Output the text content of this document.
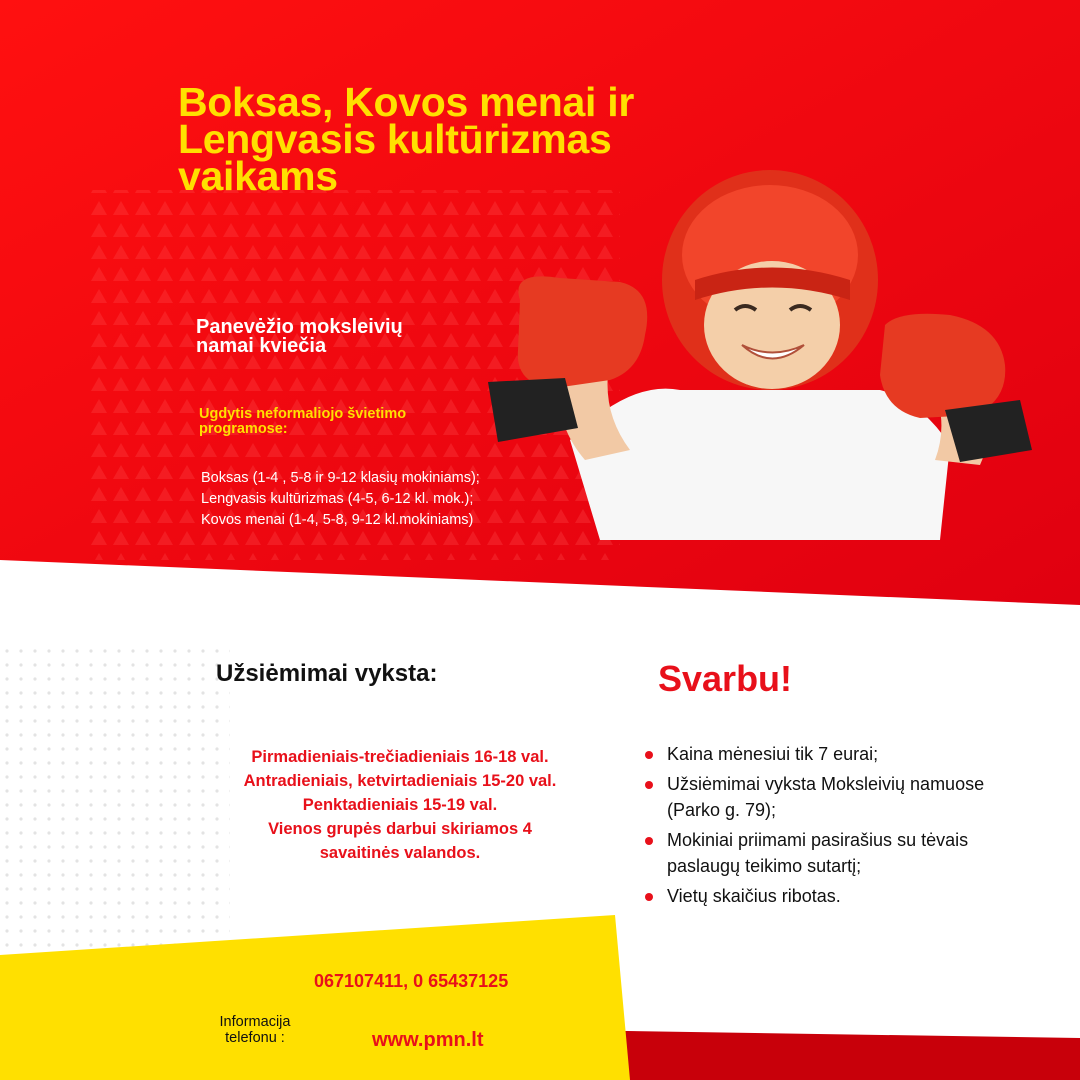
Boksas, Kovos menai ir
Lengvasis kultūrizmas
vaikams

Panevėžio moksleivių
namai kviečia

Ugdytis neformaliojo švietimo
programose:

Boksas (1-4 , 5-8 ir 9-12 klasių mokiniams);
Lengvasis kultūrizmas (4-5, 6-12 kl. mok.);
Kovos menai (1-4, 5-8, 9-12 kl.mokiniams)
Užsiėmimai vyksta:

Pirmadieniais-trečiadieniais 16-18 val.
Antradieniais, ketvirtadieniais 15-20 val.
Penktadieniais 15-19 val.
Vienos grupės darbui skiriamos 4
savaitinės valandos.

Svarbu!
Kaina mėnesiui tik 7 eurai;
Užsiėmimai vyksta Moksleivių namuose (Parko g. 79);
Mokiniai priimami pasirašius su tėvais paslaugų teikimo sutartį;
Vietų skaičius ribotas.

067107411, 0 65437125

Informacija
telefonu :	www.pmn.lt
